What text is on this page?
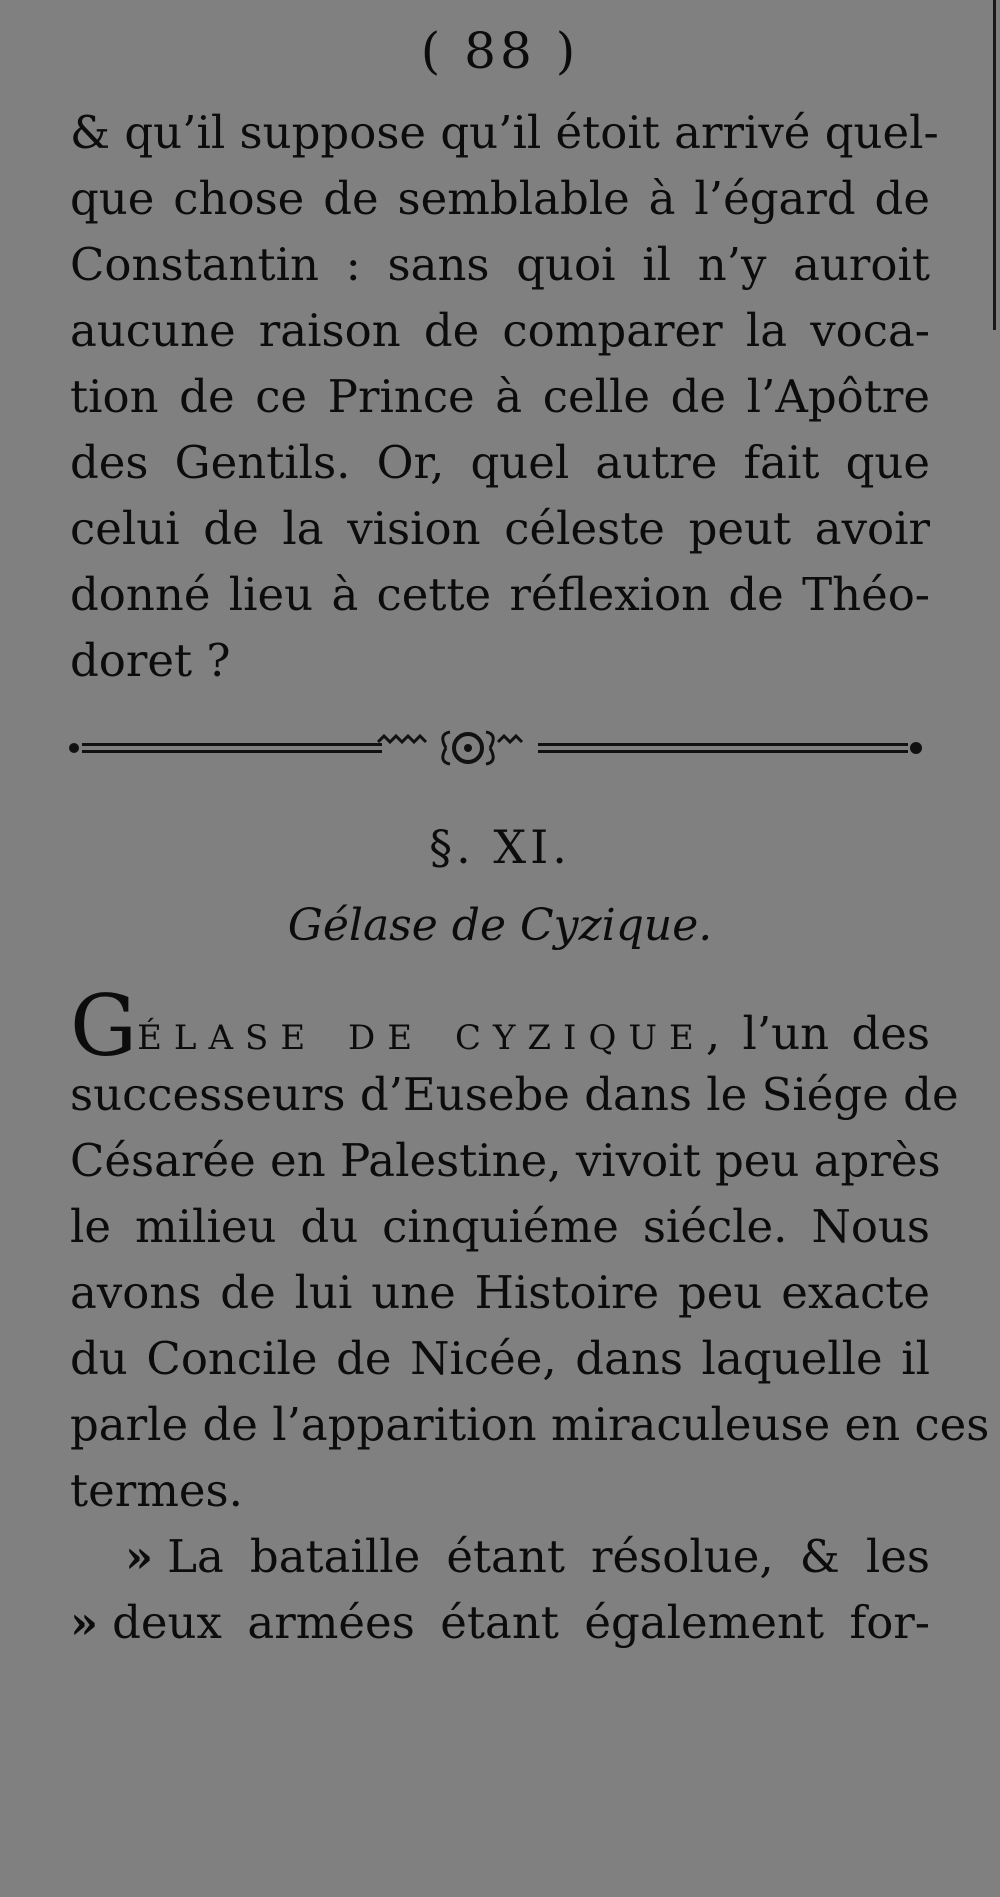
( 88 )
& qu’il suppose qu’il étoit arrivé quel-
que chose de semblable à l’égard de
Constantin : sans quoi il n’y auroit
aucune raison de comparer la voca-
tion de ce Prince à celle de l’Apôtre
des Gentils. Or, quel autre fait que
celui de la vision céleste peut avoir
donné lieu à cette réflexion de Théo-
doret ?
§. XI.
Gélase de Cyzique.
GÉLASE DE CYZIQUE, l’un des
successeurs d’Eusebe dans le Siége de
Césarée en Palestine, vivoit peu après
le milieu du cinquiéme siécle. Nous
avons de lui une Histoire peu exacte
du Concile de Nicée, dans laquelle il
parle de l’apparition miraculeuse en ces
termes.
» La bataille étant résolue, & les
» deux armées étant également for-
